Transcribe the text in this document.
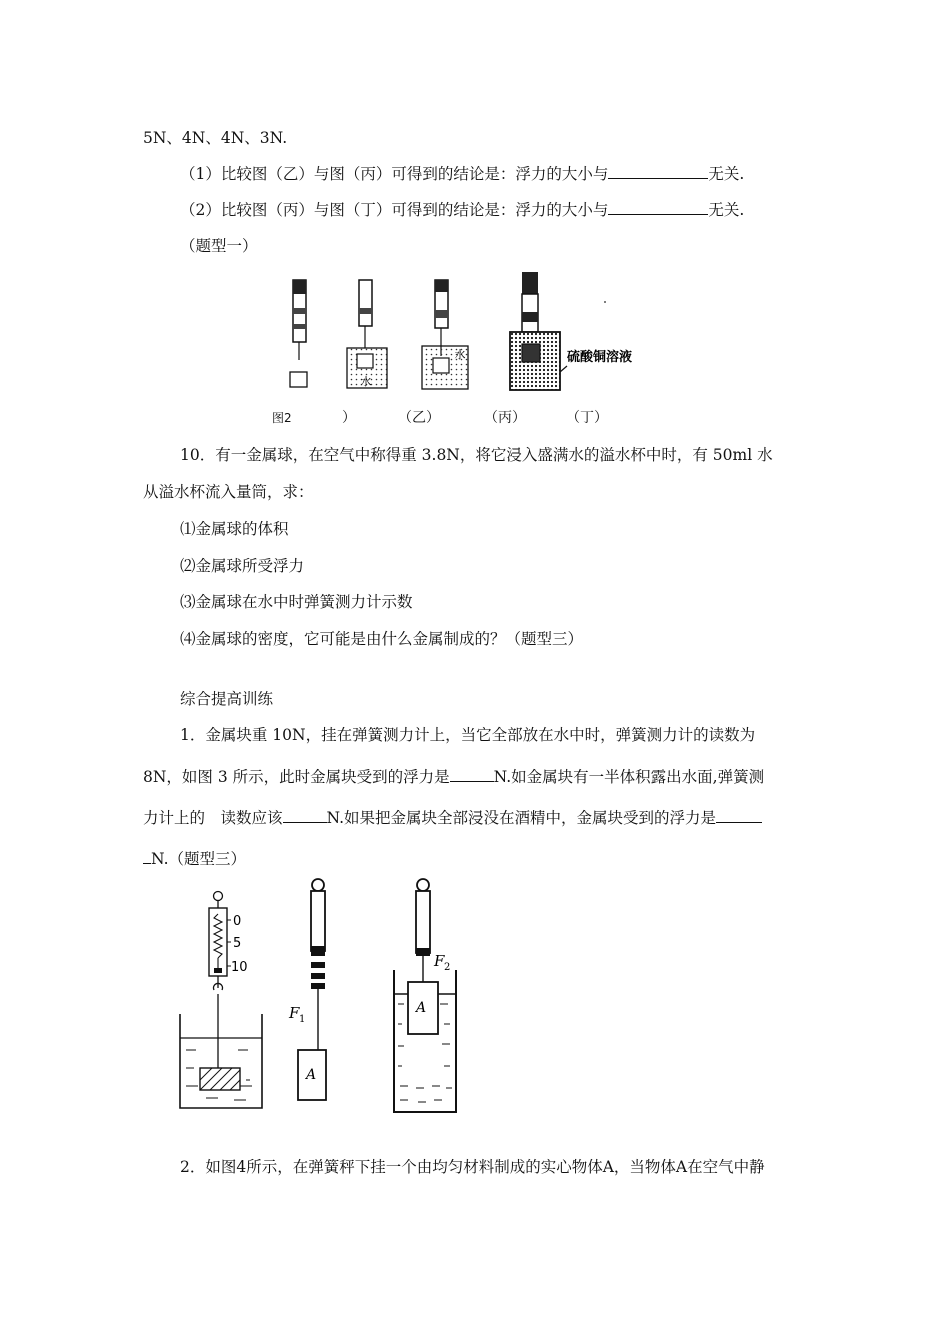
5N、4N、4N、3N.
（1）比较图（乙）与图（丙）可得到的结论是：浮力的大小与	无关.
（2）比较图（丙）与图（丁）可得到的结论是：浮力的大小与	无关.
（题型一）
水
水	硫酸铜溶液
图2	）	（乙）	（丙）	（丁）
10．有一金属球，在空气中称得重 3.8N，将它浸入盛满水的溢水杯中时，有 50ml 水
从溢水杯流入量筒，求：
⑴金属球的体积
⑵金属球所受浮力
⑶金属球在水中时弹簧测力计示数
⑷金属球的密度，它可能是由什么金属制成的？（题型三）
综合提高训练
1．金属块重 10N，挂在弹簧测力计上，当它全部放在水中时，弹簧测力计的读数为
8N，如图 3 所示，此时金属块受到的浮力是	N.如金属块有一半体积露出水面,弹簧测
力计上的　读数应该	N.如果把金属块全部浸没在酒精中，金属块受到的浮力是
N.（题型三）
0
5
10
F 1
A
F 2
A
2．如图4所示，在弹簧秤下挂一个由均匀材料制成的实心物体A，当物体A在空气中静
